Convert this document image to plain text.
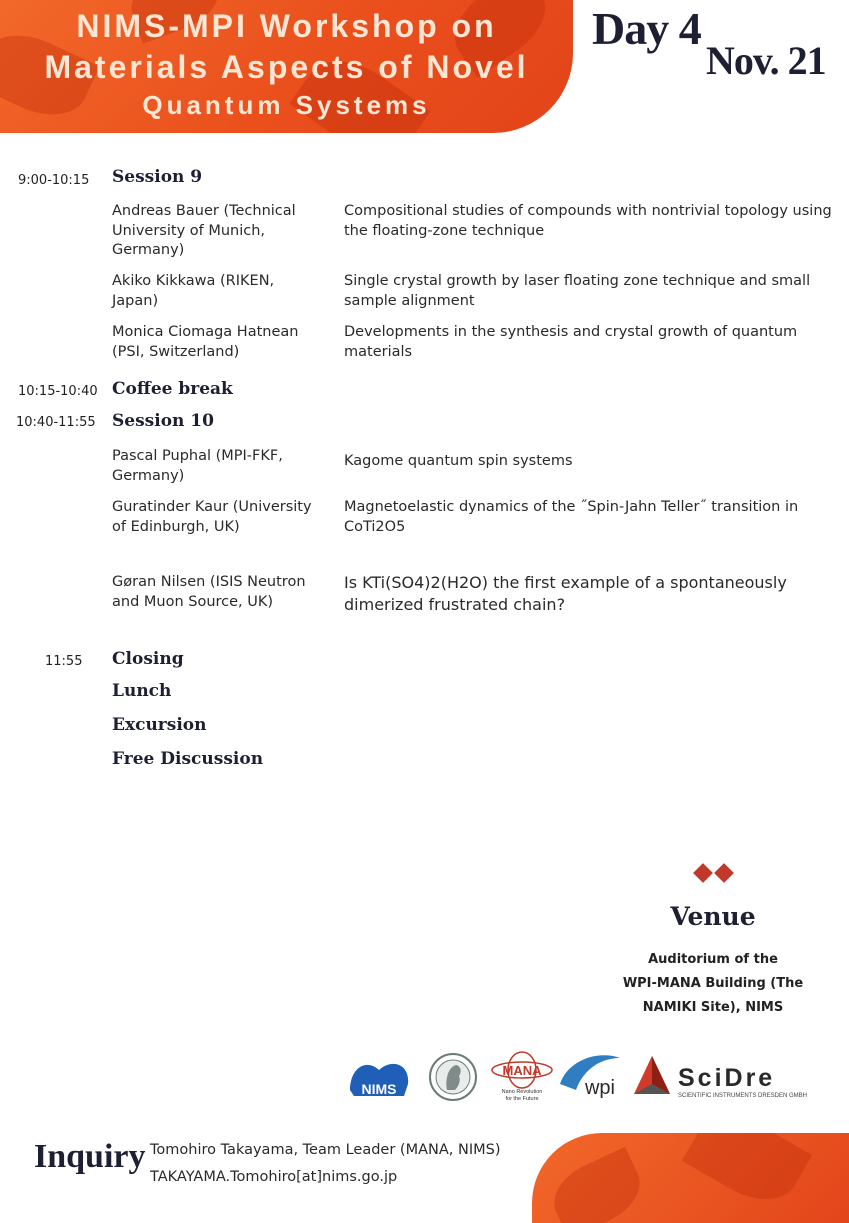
NIMS-MPI Workshop on
Materials Aspects of Novel
Quantum Systems
Day 4
Nov. 21
9:00-10:15 Session 9
Andreas Bauer (Technical University of Munich, Germany)
Compositional studies of compounds with nontrivial topology using the floating-zone technique
Akiko Kikkawa (RIKEN, Japan)
Single crystal growth by laser floating zone technique and small sample alignment
Monica Ciomaga Hatnean (PSI, Switzerland)
Developments in the synthesis and crystal growth of quantum materials
10:15-10:40 Coffee break
10:40-11:55 Session 10
Pascal Puphal (MPI-FKF, Germany)
Kagome quantum spin systems
Guratinder Kaur (University of Edinburgh, UK)
Magnetoelastic dynamics of the ˝Spin-Jahn Teller˝ transition in CoTi2O5
Gøran Nilsen (ISIS Neutron and Muon Source, UK)
Is KTi(SO4)2(H2O) the first example of a spontaneously dimerized frustrated chain?
11:55 Closing
Lunch
Excursion
Free Discussion
Venue
Auditorium of the
WPI-MANA Building (The
NAMIKI Site), NIMS
NIMS
MANA
Nano Revolution
for the Future wpi	SciDre
SCIENTIFIC INSTRUMENTS DRESDEN GMBH
Inquiry Tomohiro Takayama, Team Leader (MANA, NIMS)
TAKAYAMA.Tomohiro[at]nims.go.jp
